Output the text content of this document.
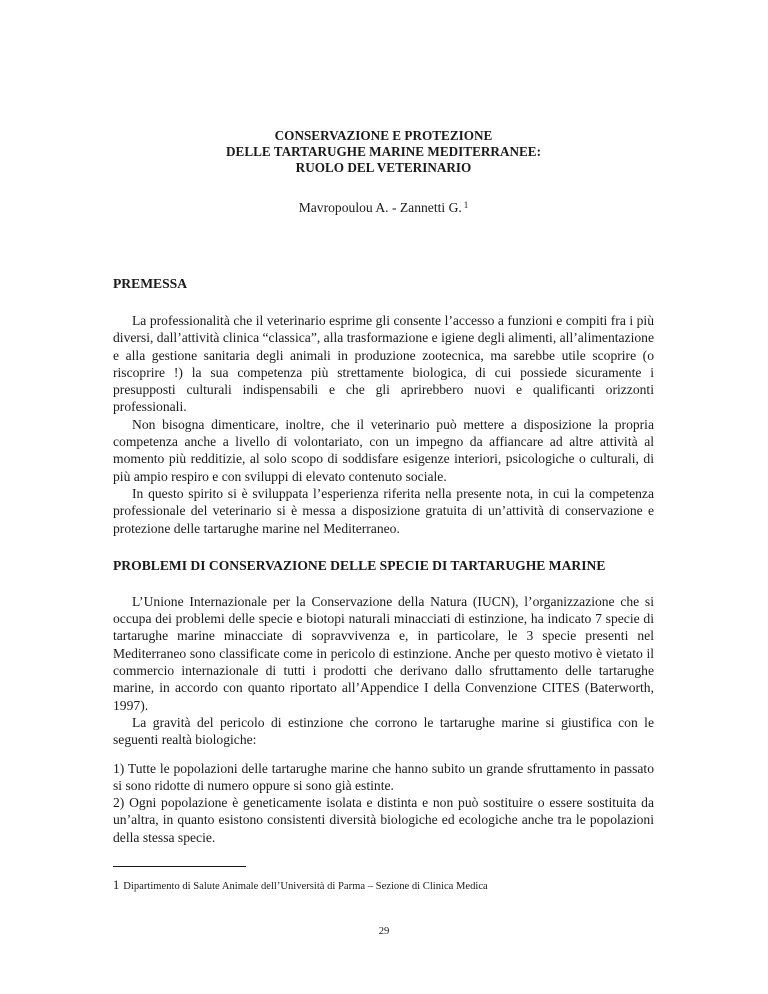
CONSERVAZIONE E PROTEZIONE
DELLE TARTARUGHE MARINE MEDITERRANEE:
RUOLO DEL VETERINARIO
Mavropoulou A. - Zannetti G. $^1$
PREMESSA

La professionalità che il veterinario esprime gli consente l’accesso a funzioni e compiti fra i più diversi, dall’attività clinica “classica”, alla trasformazione e igiene degli alimenti, all’alimentazione e alla gestione sanitaria degli animali in produzione zootecnica, ma sarebbe utile scoprire (o riscoprire !) la sua competenza più strettamente biologica, di cui possiede sicuramente i presupposti culturali indispensabili e che gli aprirebbero nuovi e qualificanti orizzonti professionali.

Non bisogna dimenticare, inoltre, che il veterinario può mettere a disposizione la propria competenza anche a livello di volontariato, con un impegno da affiancare ad altre attività al momento più redditizie, al solo scopo di soddisfare esigenze interiori, psicologiche o culturali, di più ampio respiro e con sviluppi di elevato contenuto sociale.

In questo spirito si è sviluppata l’esperienza riferita nella presente nota, in cui la competenza professionale del veterinario si è messa a disposizione gratuita di un’attività di conservazione e protezione delle tartarughe marine nel Mediterraneo.

PROBLEMI DI CONSERVAZIONE DELLE SPECIE DI TARTARUGHE MARINE

L’Unione Internazionale per la Conservazione della Natura (IUCN), l’organizzazione che si occupa dei problemi delle specie e biotopi naturali minacciati di estinzione, ha indicato 7 specie di tartarughe marine minacciate di sopravvivenza e, in particolare, le 3 specie presenti nel Mediterraneo sono classificate come in pericolo di estinzione. Anche per questo motivo è vietato il commercio internazionale di tutti i prodotti che derivano dallo sfruttamento delle tartarughe marine, in accordo con quanto riportato all’Appendice I della Convenzione CITES (Baterworth, 1997).

La gravità del pericolo di estinzione che corrono le tartarughe marine si giustifica con le seguenti realtà biologiche:

1) Tutte le popolazioni delle tartarughe marine che hanno subito un grande sfruttamento in passato si sono ridotte di numero oppure si sono già estinte.

2) Ogni popolazione è geneticamente isolata e distinta e non può sostituire o essere sostituita da un’altra, in quanto esistono consistenti diversità biologiche ed ecologiche anche tra le popolazioni della stessa specie.

1 Dipartimento di Salute Animale dell’Università di Parma – Sezione di Clinica Medica
29
